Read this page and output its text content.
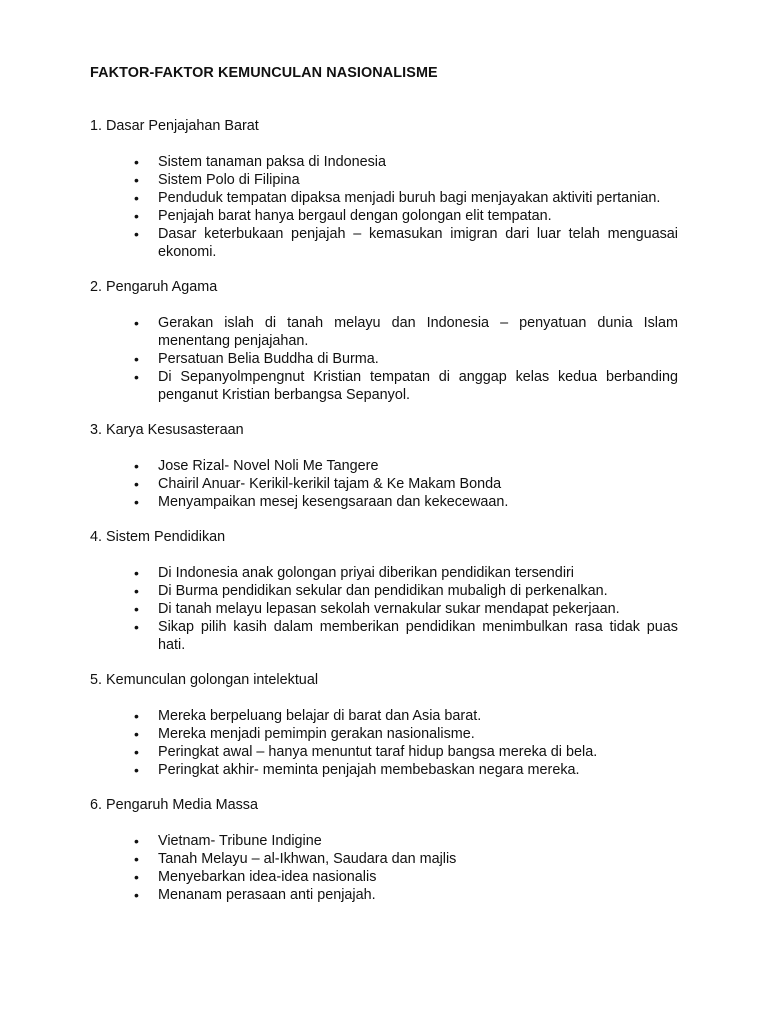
FAKTOR-FAKTOR KEMUNCULAN NASIONALISME
1. Dasar Penjajahan Barat
• Sistem tanaman paksa di Indonesia
• Sistem Polo di Filipina
• Penduduk tempatan dipaksa menjadi buruh bagi menjayakan aktiviti pertanian.
• Penjajah barat hanya bergaul dengan golongan elit tempatan.
• Dasar keterbukaan penjajah – kemasukan imigran dari luar telah menguasai ekonomi.
2. Pengaruh Agama
• Gerakan islah di tanah melayu dan Indonesia – penyatuan dunia Islam menentang penjajahan.
• Persatuan Belia Buddha di Burma.
• Di Sepanyolmpengnut Kristian tempatan di anggap kelas kedua berbanding penganut Kristian berbangsa Sepanyol.
3. Karya Kesusasteraan
• Jose Rizal- Novel Noli Me Tangere
• Chairil Anuar- Kerikil-kerikil tajam & Ke Makam Bonda
• Menyampaikan mesej kesengsaraan dan kekecewaan.
4. Sistem Pendidikan
• Di Indonesia anak golongan priyai diberikan pendidikan tersendiri
• Di Burma pendidikan sekular dan pendidikan mubaligh di perkenalkan.
• Di tanah melayu lepasan sekolah vernakular sukar mendapat pekerjaan.
• Sikap pilih kasih dalam memberikan pendidikan menimbulkan rasa tidak puas hati.
5. Kemunculan golongan intelektual
• Mereka berpeluang belajar di barat dan Asia barat.
• Mereka menjadi pemimpin gerakan nasionalisme.
• Peringkat awal – hanya menuntut taraf hidup bangsa mereka di bela.
• Peringkat akhir- meminta penjajah membebaskan negara mereka.
6. Pengaruh Media Massa
• Vietnam- Tribune Indigine
• Tanah Melayu – al-Ikhwan, Saudara dan majlis
• Menyebarkan idea-idea nasionalis
• Menanam perasaan anti penjajah.
